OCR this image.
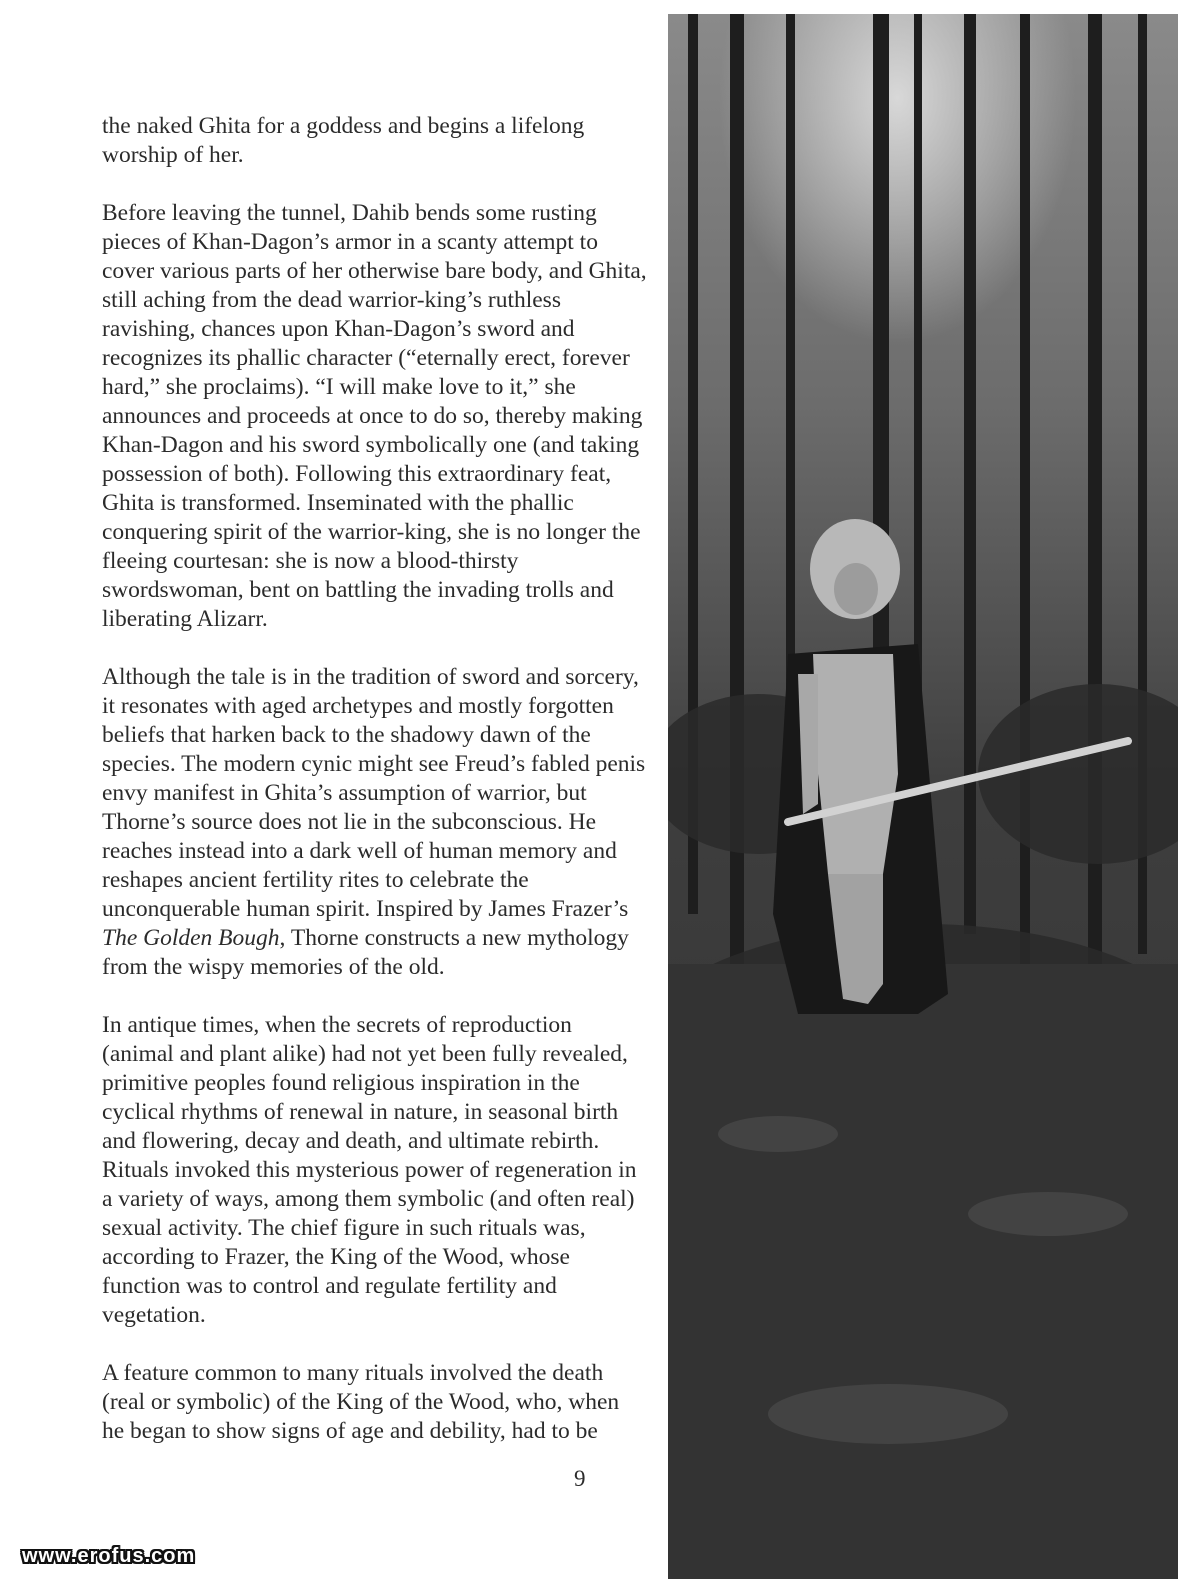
the naked Ghita for a goddess and begins a lifelong worship of her.

Before leaving the tunnel, Dahib bends some rusting pieces of Khan-Dagon’s armor in a scanty attempt to cover various parts of her otherwise bare body, and Ghita, still aching from the dead warrior-king’s ruthless ravishing, chances upon Khan-Dagon’s sword and recognizes its phallic character (“eternally erect, forever hard,” she proclaims). “I will make love to it,” she announces and proceeds at once to do so, thereby making Khan-Dagon and his sword symbolically one (and taking possession of both). Following this extraordinary feat, Ghita is transformed. Inseminated with the phallic conquering spirit of the warrior-king, she is no longer the fleeing courtesan: she is now a blood-thirsty swordswoman, bent on battling the invading trolls and liberating Alizarr.

Although the tale is in the tradition of sword and sorcery, it resonates with aged archetypes and mostly forgotten beliefs that harken back to the shadowy dawn of the species. The modern cynic might see Freud’s fabled penis envy manifest in Ghita’s assumption of warrior, but Thorne’s source does not lie in the subconscious. He reaches instead into a dark well of human memory and reshapes ancient fertility rites to celebrate the unconquerable human spirit. Inspired by James Frazer’s The Golden Bough, Thorne constructs a new mythology from the wispy memories of the old.

In antique times, when the secrets of reproduction (animal and plant alike) had not yet been fully revealed, primitive peoples found religious inspiration in the cyclical rhythms of renewal in nature, in seasonal birth and flowering, decay and death, and ultimate rebirth. Rituals invoked this mysterious power of regeneration in a variety of ways, among them symbolic (and often real) sexual activity. The chief figure in such rituals was, according to Frazer, the King of the Wood, whose function was to control and regulate fertility and vegetation.

A feature common to many rituals involved the death (real or symbolic) of the King of the Wood, who, when he began to show signs of age and debility, had to be

9
www.erofus.com
